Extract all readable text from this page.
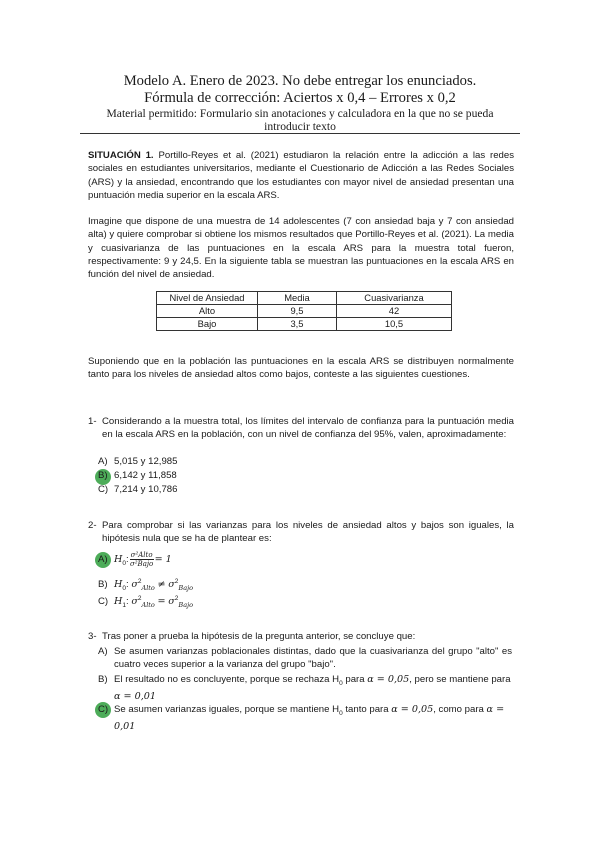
Modelo A. Enero de 2023. No debe entregar los enunciados.
Fórmula de corrección: Aciertos x 0,4 – Errores x 0,2
Material permitido: Formulario sin anotaciones y calculadora en la que no se pueda
introducir texto
SITUACIÓN 1. Portillo-Reyes et al. (2021) estudiaron la relación entre la adicción a las redes sociales en estudiantes universitarios, mediante el Cuestionario de Adicción a las Redes Sociales (ARS) y la ansiedad, encontrando que los estudiantes con mayor nivel de ansiedad presentan una puntuación media superior en la escala ARS.
Imagine que dispone de una muestra de 14 adolescentes (7 con ansiedad baja y 7 con ansiedad alta) y quiere comprobar si obtiene los mismos resultados que Portillo-Reyes et al. (2021). La media y cuasivarianza de las puntuaciones en la escala ARS para la muestra total fueron, respectivamente: 9 y 24,5. En la siguiente tabla se muestran las puntuaciones en la escala ARS en función del nivel de ansiedad.
Nivel de Ansiedad	Media	Cuasivarianza
Alto	9,5	42
Bajo	3,5	10,5
Suponiendo que en la población las puntuaciones en la escala ARS se distribuyen normalmente tanto para los niveles de ansiedad altos como bajos, conteste a las siguientes cuestiones.
1- Considerando a la muestra total, los límites del intervalo de confianza para la puntuación media en la escala ARS en la población, con un nivel de confianza del 95%, valen, aproximadamente:
A) 5,015 y 12,985
B) 6,142 y 11,858
C) 7,214 y 10,786
2- Para comprobar si las varianzas para los niveles de ansiedad altos y bajos son iguales, la hipótesis nula que se ha de plantear es:
A) $H_0$: $\frac{\text{σ²Alto}}{\text{σ²Bajo}} = 1$
B) $H_0$: $\sigma^2_{Alto} \ne \sigma^2_{Bajo}$
C) $H_1$: $\sigma^2_{Alto} = \sigma^2_{Bajo}$
3- Tras poner a prueba la hipótesis de la pregunta anterior, se concluye que:
A) Se asumen varianzas poblacionales distintas, dado que la cuasivarianza del grupo "alto" es cuatro veces superior a la varianza del grupo "bajo".
B) El resultado no es concluyente, porque se rechaza $H_0$ para α = 0,05, pero se mantiene para α = 0,01
C) Se asumen varianzas iguales, porque se mantiene $H_0$ tanto para α = 0,05, como para α = 0,01
